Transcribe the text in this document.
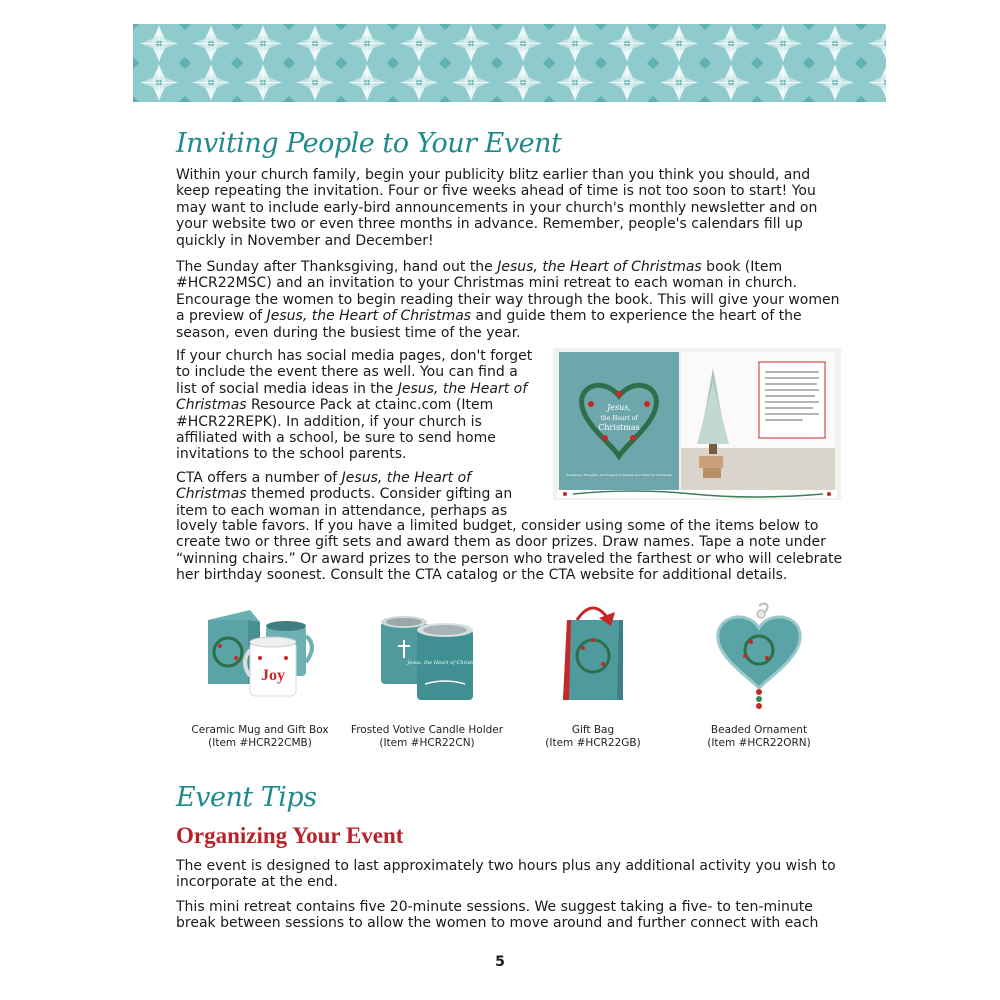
Inviting People to Your Event

Within your church family, begin your publicity blitz earlier than you think you should, and keep repeating the invitation. Four or five weeks ahead of time is not too soon to start! You may want to include early-bird announcements in your church's monthly newsletter and on your website two or even three months in advance. Remember, people's calendars fill up quickly in November and December!

The Sunday after Thanksgiving, hand out the Jesus, the Heart of Christmas book (Item #HCR22MSC) and an invitation to your Christmas mini retreat to each woman in church. Encourage the women to begin reading their way through the book. This will give your women a preview of Jesus, the Heart of Christmas and guide them to experience the heart of the season, even during the busiest time of the year.

If your church has social media pages, don't forget to include the event there as well. You can find a list of social media ideas in the Jesus, the Heart of Christmas Resource Pack at ctainc.com (Item #HCR22REPK). In addition, if your church is affiliated with a school, be sure to send home invitations to the school parents.

CTA offers a number of Jesus, the Heart of Christmas themed products. Consider gifting an item to each woman in attendance, perhaps as

lovely table favors. If you have a limited budget, consider using some of the items below to create two or three gift sets and award them as door prizes. Draw names. Tape a note under “winning chairs.” Or award prizes to the person who traveled the farthest or who will celebrate her birthday soonest. Consult the CTA catalog or the CTA website for additional details.

Jesus,
the Heart of
Christmas
Scriptures, Thoughts, and Prayers to Prepare Your Heart for Christmas
Joy
Ceramic Mug and Gift Box
(Item #HCR22CMB)
Jesus, the Heart of Christmas
Frosted Votive Candle Holder
(Item #HCR22CN)
Gift Bag
(Item #HCR22GB)
Beaded Ornament
(Item #HCR22ORN)
Event Tips
Organizing Your Event

The event is designed to last approximately two hours plus any additional activity you wish to incorporate at the end.

This mini retreat contains five 20-minute sessions. We suggest taking a five- to ten-minute break between sessions to allow the women to move around and further connect with each

5
